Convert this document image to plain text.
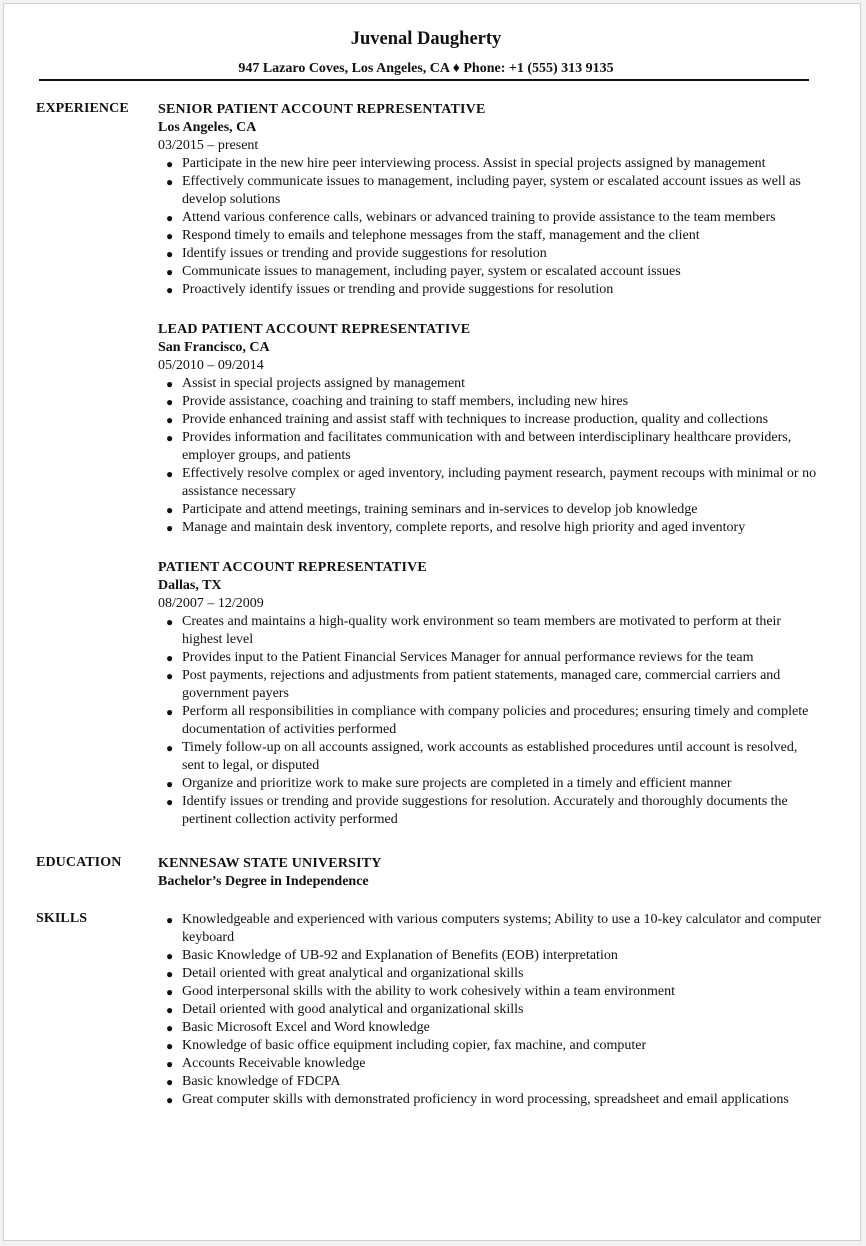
Juvenal Daugherty
947 Lazaro Coves, Los Angeles, CA ♦ Phone: +1 (555) 313 9135
EXPERIENCE SENIOR PATIENT ACCOUNT REPRESENTATIVE
Los Angeles, CA
03/2015 – present
● Participate in the new hire peer interviewing process. Assist in special projects assigned by management
● Effectively communicate issues to management, including payer, system or escalated account issues as well as develop solutions
● Attend various conference calls, webinars or advanced training to provide assistance to the team members
● Respond timely to emails and telephone messages from the staff, management and the client
● Identify issues or trending and provide suggestions for resolution
● Communicate issues to management, including payer, system or escalated account issues
● Proactively identify issues or trending and provide suggestions for resolution
LEAD PATIENT ACCOUNT REPRESENTATIVE
San Francisco, CA
05/2010 – 09/2014
● Assist in special projects assigned by management
● Provide assistance, coaching and training to staff members, including new hires
● Provide enhanced training and assist staff with techniques to increase production, quality and collections
● Provides information and facilitates communication with and between interdisciplinary healthcare providers, employer groups, and patients
● Effectively resolve complex or aged inventory, including payment research, payment recoups with minimal or no assistance necessary
● Participate and attend meetings, training seminars and in-services to develop job knowledge
● Manage and maintain desk inventory, complete reports, and resolve high priority and aged inventory
PATIENT ACCOUNT REPRESENTATIVE
Dallas, TX
08/2007 – 12/2009
● Creates and maintains a high-quality work environment so team members are motivated to perform at their highest level
● Provides input to the Patient Financial Services Manager for annual performance reviews for the team
● Post payments, rejections and adjustments from patient statements, managed care, commercial carriers and government payers
● Perform all responsibilities in compliance with company policies and procedures; ensuring timely and complete documentation of activities performed
● Timely follow-up on all accounts assigned, work accounts as established procedures until account is resolved, sent to legal, or disputed
● Organize and prioritize work to make sure projects are completed in a timely and efficient manner
● Identify issues or trending and provide suggestions for resolution. Accurately and thoroughly documents the pertinent collection activity performed
EDUCATION	KENNESAW STATE UNIVERSITY
Bachelor’s Degree in Independence
SKILLS	● Knowledgeable and experienced with various computers systems; Ability to use a 10-key calculator and computer keyboard
● Basic Knowledge of UB-92 and Explanation of Benefits (EOB) interpretation
● Detail oriented with great analytical and organizational skills
● Good interpersonal skills with the ability to work cohesively within a team environment
● Detail oriented with good analytical and organizational skills
● Basic Microsoft Excel and Word knowledge
● Knowledge of basic office equipment including copier, fax machine, and computer
● Accounts Receivable knowledge
● Basic knowledge of FDCPA
● Great computer skills with demonstrated proficiency in word processing, spreadsheet and email applications
